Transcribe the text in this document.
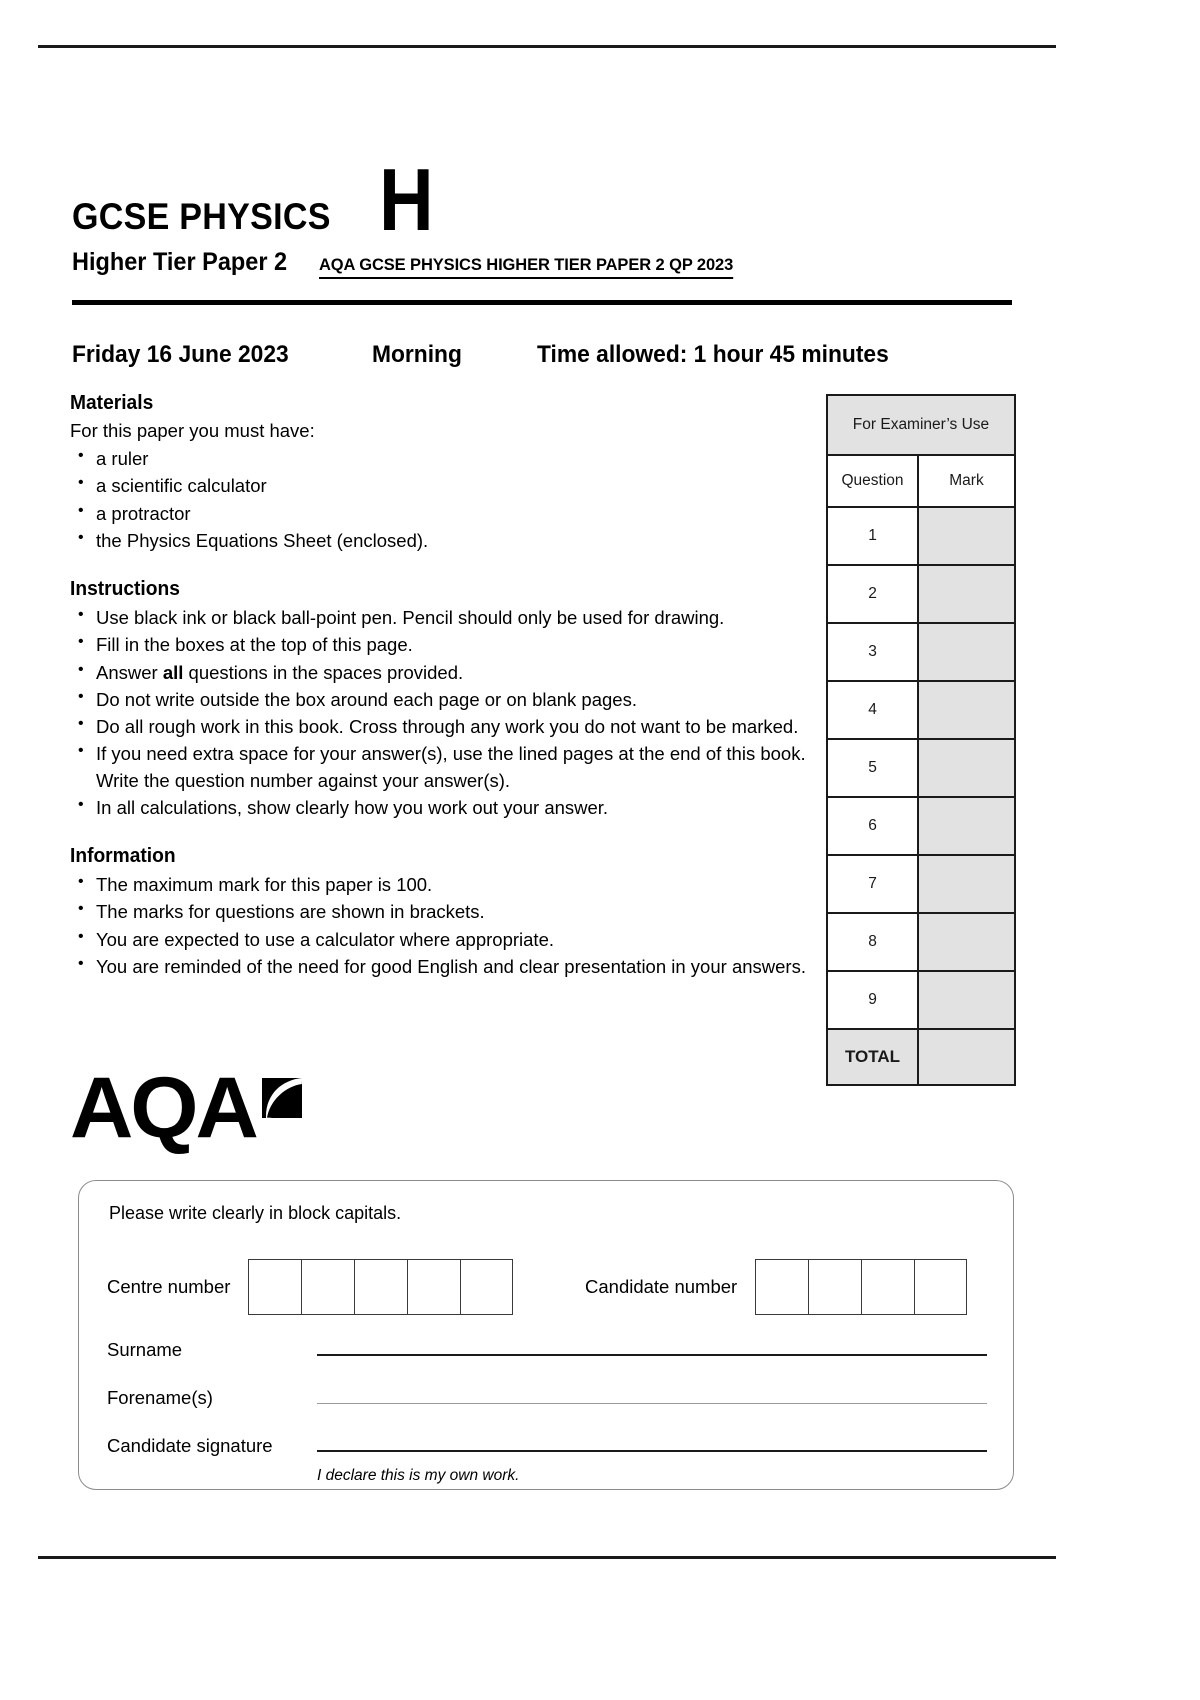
GCSE PHYSICS H
Higher Tier Paper 2 AQA GCSE PHYSICS HIGHER TIER PAPER 2 QP 2023
Friday 16 June 2023	Morning	Time allowed: 1 hour 45 minutes
Materials

For this paper you must have:

• a ruler
• a scientific calculator
• a protractor
• the Physics Equations Sheet (enclosed).
Instructions
• Use black ink or black ball-point pen. Pencil should only be used for drawing.
• Fill in the boxes at the top of this page.
• Answer all questions in the spaces provided.
• Do not write outside the box around each page or on blank pages.
• Do all rough work in this book. Cross through any work you do not want to be marked.
• If you need extra space for your answer(s), use the lined pages at the end of this book. Write the question number against your answer(s).
• In all calculations, show clearly how you work out your answer.
Information
• The maximum mark for this paper is 100.
• The marks for questions are shown in brackets.
• You are expected to use a calculator where appropriate.
• You are reminded of the need for good English and clear presentation in your answers.
For Examiner’s Use
Question	Mark
1
2
3
4
5
6
7
8
9
TOTAL
AQA
Please write clearly in block capitals.
Centre number	Candidate number
Surname
Forename(s)
Candidate signature
I declare this is my own work.
